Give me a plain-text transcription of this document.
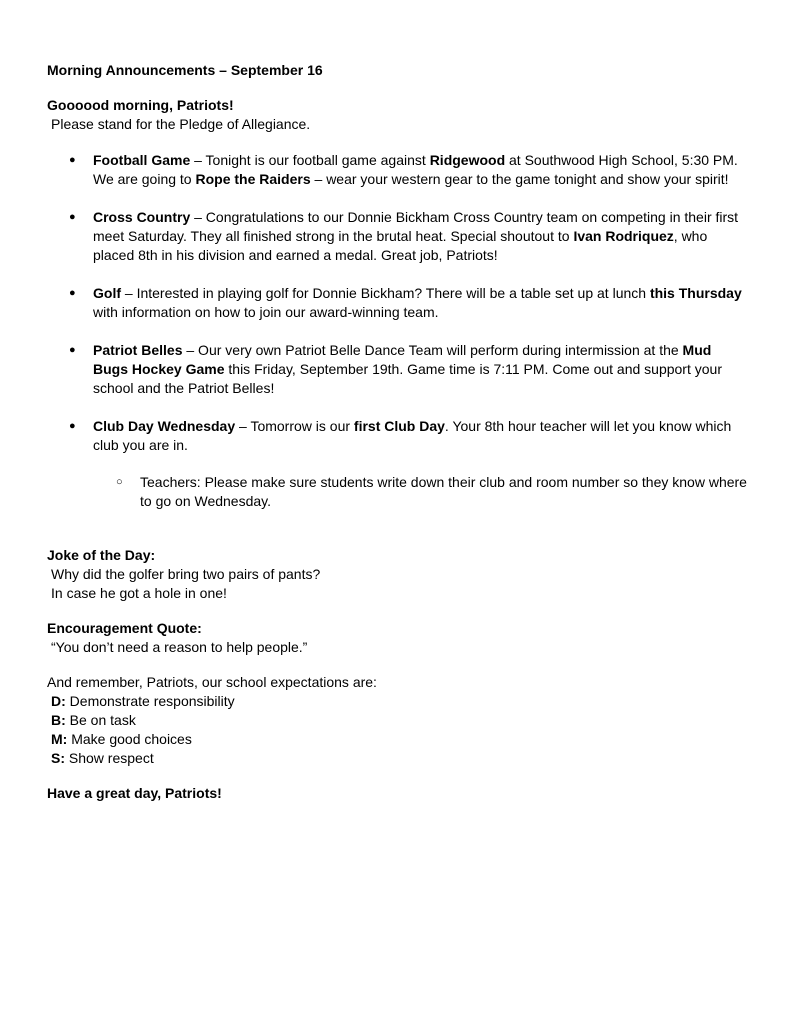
Morning Announcements – September 16
Goooood morning, Patriots!
Please stand for the Pledge of Allegiance.
● Football Game – Tonight is our football game against Ridgewood at Southwood High School, 5:30 PM. We are going to Rope the Raiders – wear your western gear to the game tonight and show your spirit!
● Cross Country – Congratulations to our Donnie Bickham Cross Country team on competing in their first meet Saturday. They all finished strong in the brutal heat. Special shoutout to Ivan Rodriquez, who placed 8th in his division and earned a medal. Great job, Patriots!
● Golf – Interested in playing golf for Donnie Bickham? There will be a table set up at lunch this Thursday with information on how to join our award-winning team.
● Patriot Belles – Our very own Patriot Belle Dance Team will perform during intermission at the Mud Bugs Hockey Game this Friday, September 19th. Game time is 7:11 PM. Come out and support your school and the Patriot Belles!
● Club Day Wednesday – Tomorrow is our first Club Day. Your 8th hour teacher will let you know which club you are in.
○ Teachers: Please make sure students write down their club and room number so they know where to go on Wednesday.
Joke of the Day:
Why did the golfer bring two pairs of pants?
In case he got a hole in one!
Encouragement Quote:
“You don’t need a reason to help people.”
And remember, Patriots, our school expectations are:
D: Demonstrate responsibility
B: Be on task
M: Make good choices
S: Show respect
Have a great day, Patriots!
